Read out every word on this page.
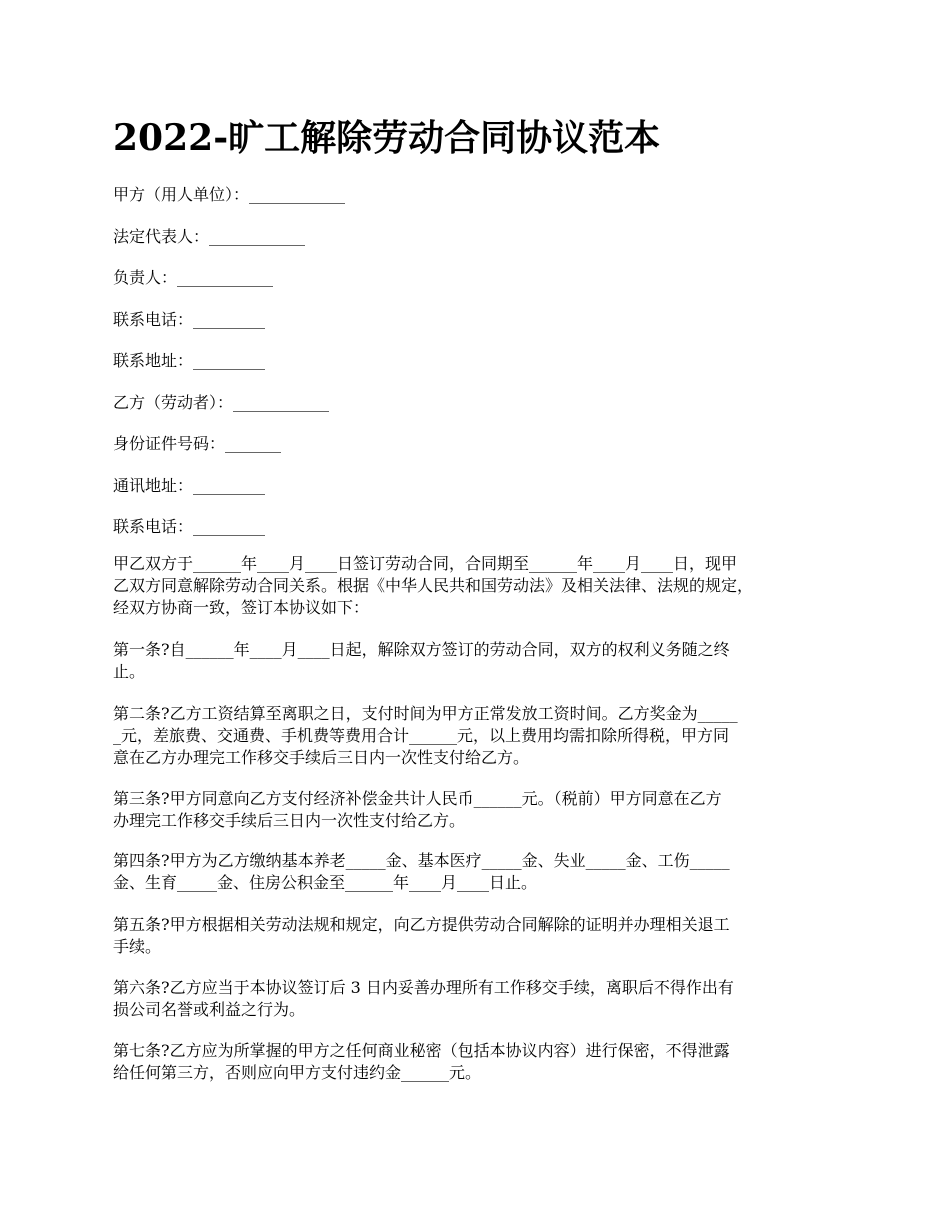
2022-旷工解除劳动合同协议范本

甲方（用人单位）：____________

法定代表人：____________

负责人：____________

联系电话：_________

联系地址：_________

乙方（劳动者）：____________

身份证件号码：_______

通讯地址：_________

联系电话：_________

甲乙双方于______年____月____日签订劳动合同，合同期至______年____月____日，现甲
乙双方同意解除劳动合同关系。根据《中华人民共和国劳动法》及相关法律、法规的规定，
经双方协商一致，签订本协议如下：
第一条?自______年____月____日起，解除双方签订的劳动合同，双方的权利义务随之终
止。
第二条?乙方工资结算至离职之日，支付时间为甲方正常发放工资时间。乙方奖金为_____
_元，差旅费、交通费、手机费等费用合计______元，以上费用均需扣除所得税，甲方同
意在乙方办理完工作移交手续后三日内一次性支付给乙方。
第三条?甲方同意向乙方支付经济补偿金共计人民币______元。（税前）甲方同意在乙方
办理完工作移交手续后三日内一次性支付给乙方。
第四条?甲方为乙方缴纳基本养老_____金、基本医疗_____金、失业_____金、工伤_____
金、生育_____金、住房公积金至______年____月____日止。
第五条?甲方根据相关劳动法规和规定，向乙方提供劳动合同解除的证明并办理相关退工
手续。
第六条?乙方应当于本协议签订后 3 日内妥善办理所有工作移交手续，离职后不得作出有
损公司名誉或利益之行为。
第七条?乙方应为所掌握的甲方之任何商业秘密（包括本协议内容）进行保密，不得泄露
给任何第三方，否则应向甲方支付违约金______元。
